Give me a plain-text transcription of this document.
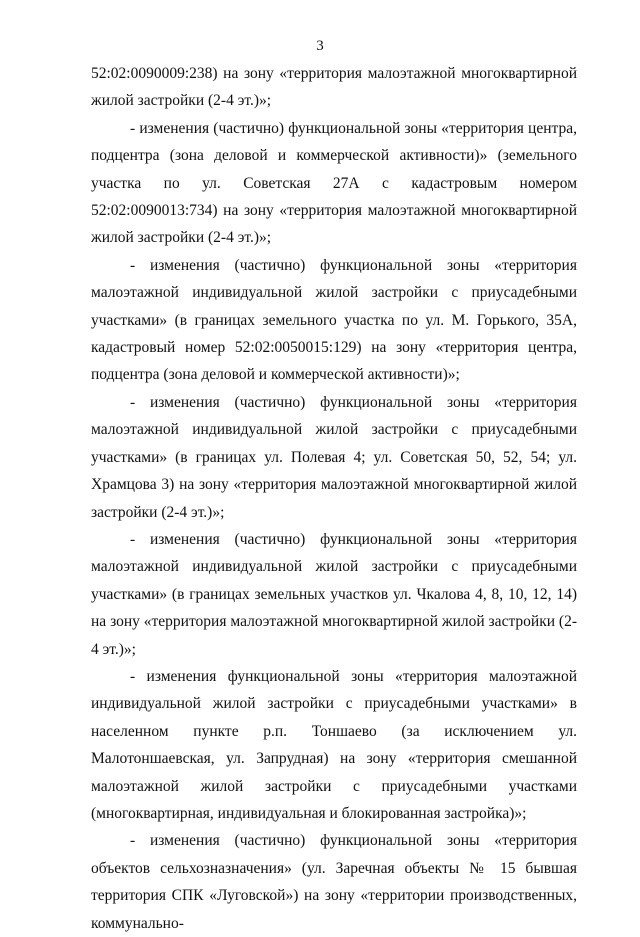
3

52:02:0090009:238) на зону «территория малоэтажной многоквартирной жилой застройки (2-4 эт.)»;

- изменения (частично) функциональной зоны «территория центра, подцентра (зона деловой и коммерческой активности)» (земельного участка по ул. Советская 27А с кадастровым номером 52:02:0090013:734) на зону «территория малоэтажной многоквартирной жилой застройки (2-4 эт.)»;

- изменения (частично) функциональной зоны «территория малоэтажной индивидуальной жилой застройки с приусадебными участками» (в границах земельного участка по ул. М. Горького, 35А, кадастровый номер 52:02:0050015:129) на зону «территория центра, подцентра (зона деловой и коммерческой активности)»;

- изменения (частично) функциональной зоны «территория малоэтажной индивидуальной жилой застройки с приусадебными участками» (в границах ул. Полевая 4; ул. Советская 50, 52, 54; ул. Храмцова 3) на зону «территория малоэтажной многоквартирной жилой застройки (2-4 эт.)»;

- изменения (частично) функциональной зоны «территория малоэтажной индивидуальной жилой застройки с приусадебными участками» (в границах земельных участков ул. Чкалова 4, 8, 10, 12, 14) на зону «территория малоэтажной многоквартирной жилой застройки (2-4 эт.)»;

- изменения функциональной зоны «территория малоэтажной индивидуальной жилой застройки с приусадебными участками» в населенном пункте р.п. Тоншаево (за исключением ул. Малотоншаевская, ул. Запрудная) на зону «территория смешанной малоэтажной жилой застройки с приусадебными участками (многоквартирная, индивидуальная и блокированная застройка)»;

- изменения (частично) функциональной зоны «территория объектов сельхозназначения» (ул. Заречная объекты № 15 бывшая территория СПК «Луговской») на зону «территории производственных, коммунально-
